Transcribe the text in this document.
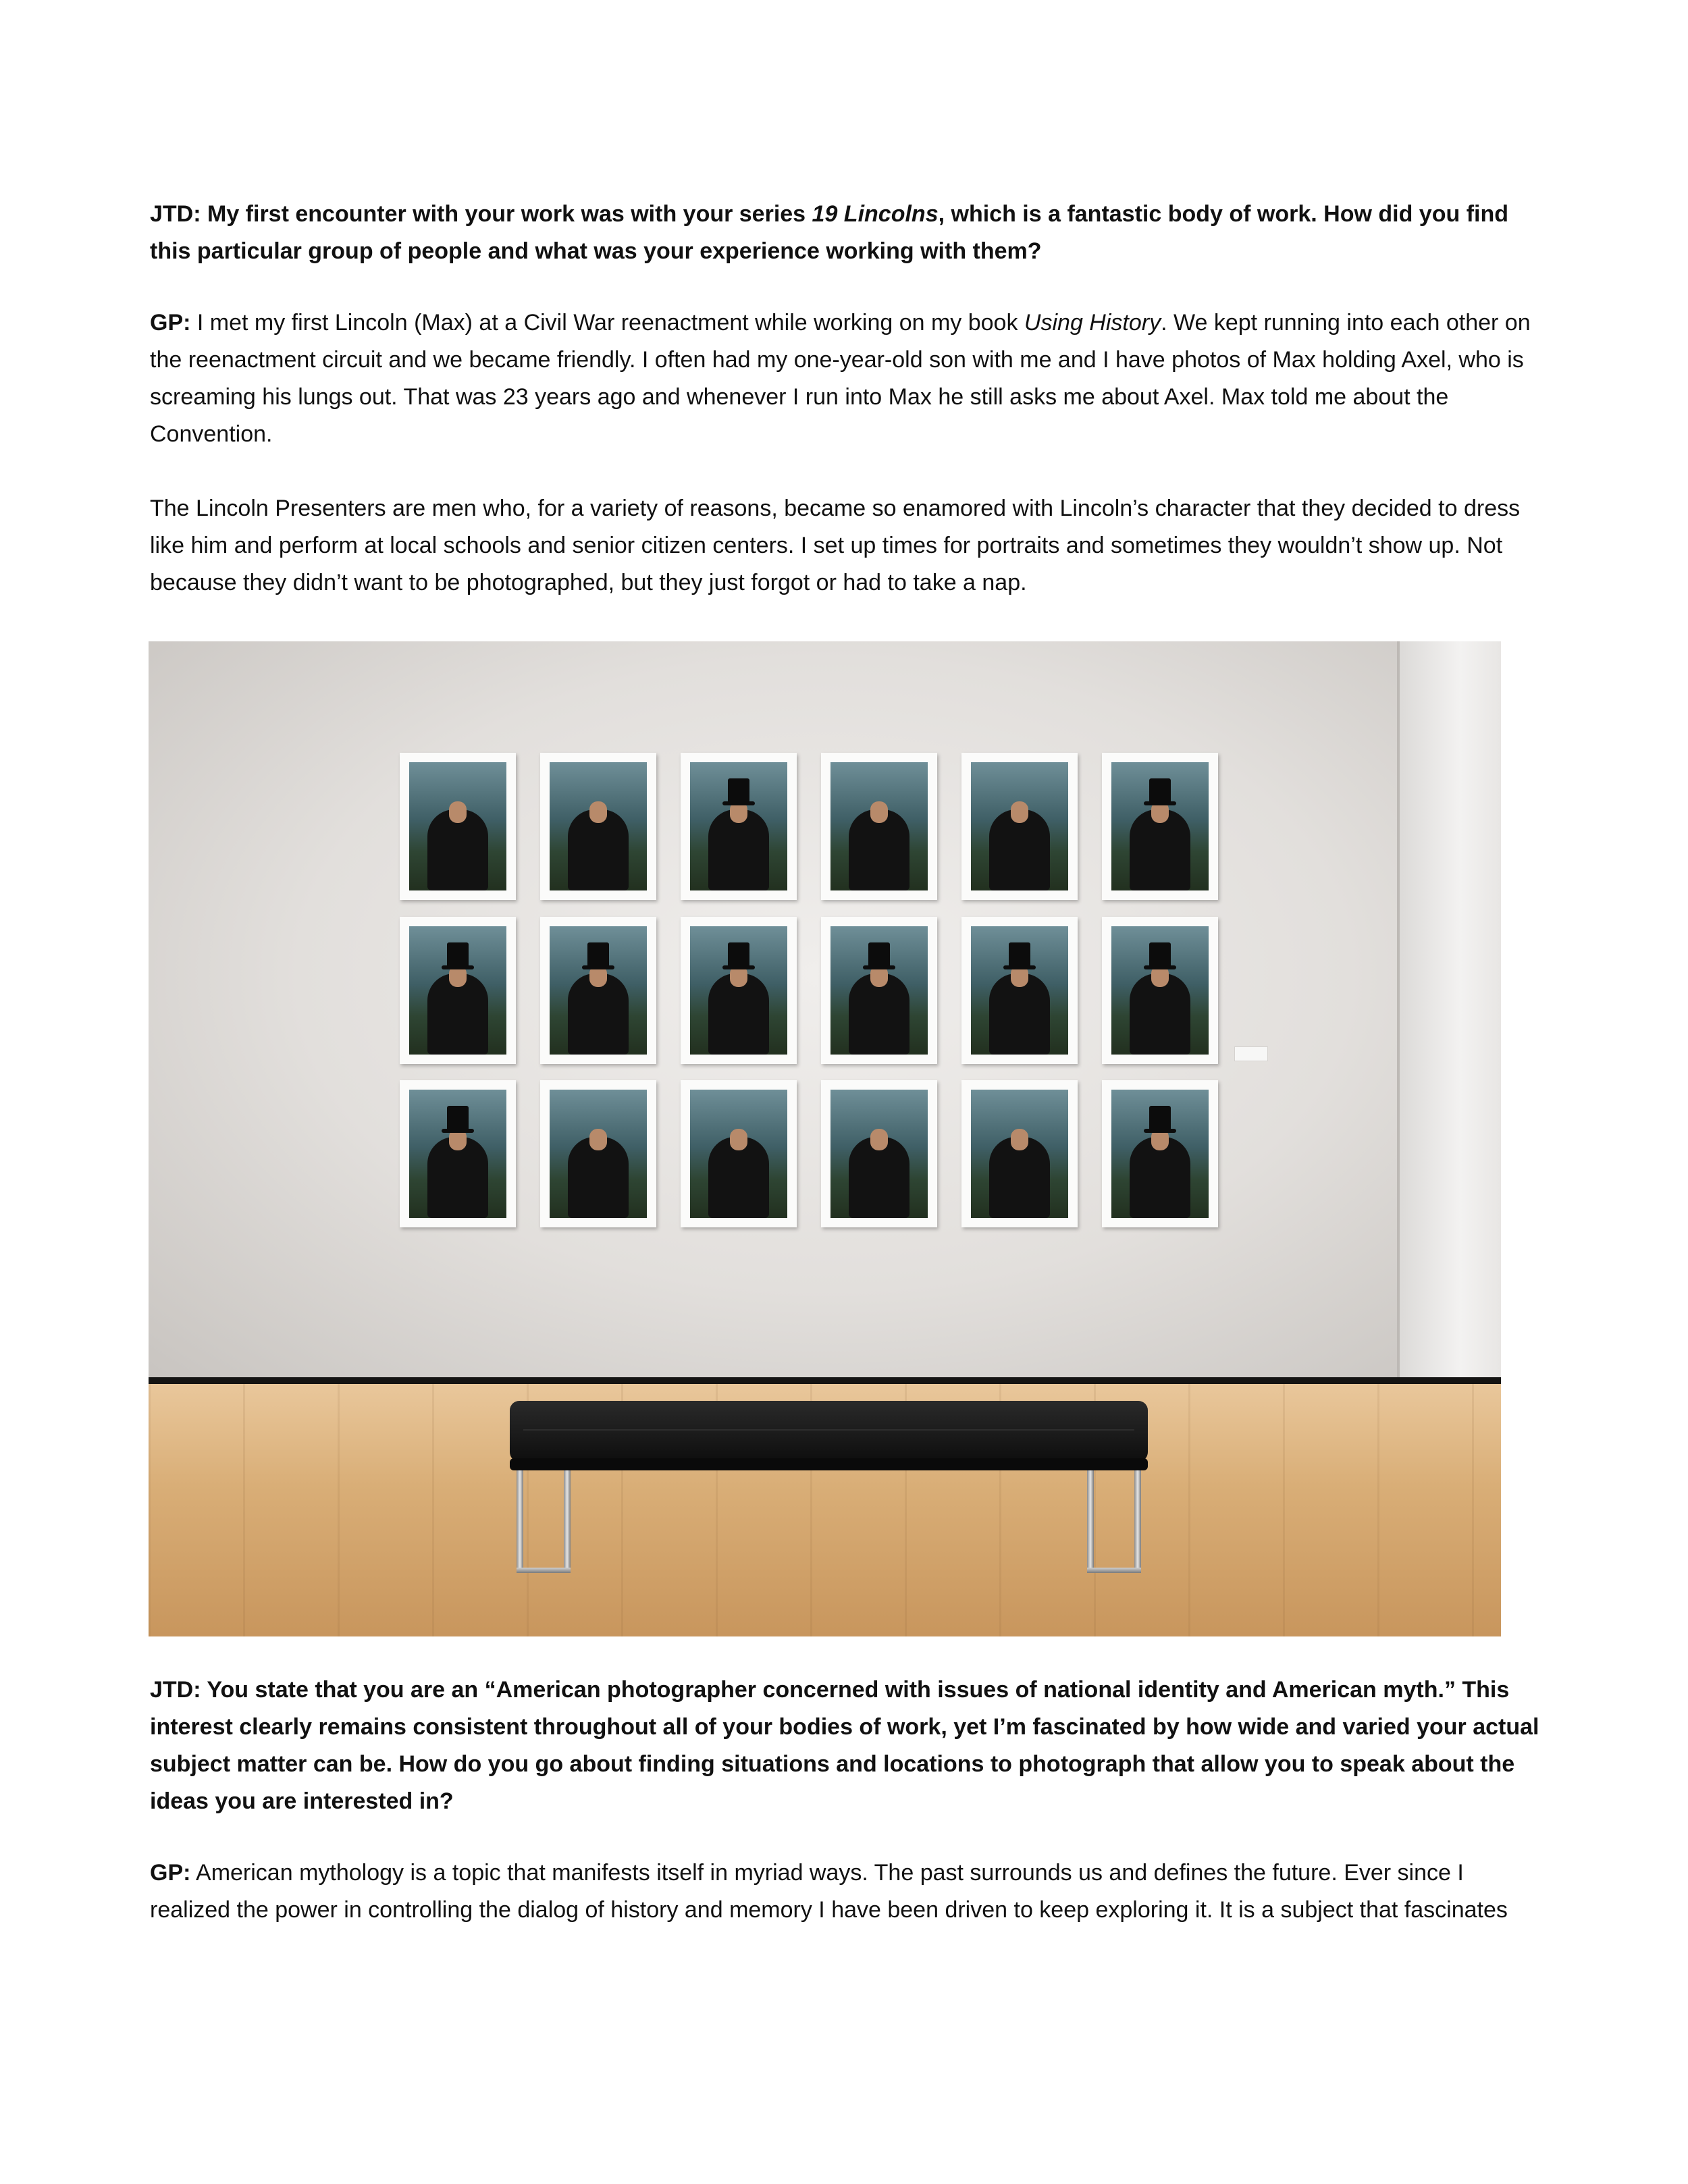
JTD: My first encounter with your work was with your series 19 Lincolns, which is a fantastic body of work. How did you find this particular group of people and what was your experience working with them?

GP: I met my first Lincoln (Max) at a Civil War reenactment while working on my book Using History. We kept running into each other on the reenactment circuit and we became friendly. I often had my one-year-old son with me and I have photos of Max holding Axel, who is screaming his lungs out. That was 23 years ago and whenever I run into Max he still asks me about Axel. Max told me about the Convention.

The Lincoln Presenters are men who, for a variety of reasons, became so enamored with Lincoln’s character that they decided to dress like him and perform at local schools and senior citizen centers. I set up times for portraits and sometimes they wouldn’t show up. Not because they didn’t want to be photographed, but they just forgot or had to take a nap.

JTD: You state that you are an “American photographer concerned with issues of national identity and American myth.” This interest clearly remains consistent throughout all of your bodies of work, yet I’m fascinated by how wide and varied your actual subject matter can be. How do you go about finding situations and locations to photograph that allow you to speak about the ideas you are interested in?

GP: American mythology is a topic that manifests itself in myriad ways. The past surrounds us and defines the future. Ever since I realized the power in controlling the dialog of history and memory I have been driven to keep exploring it. It is a subject that fascinates
